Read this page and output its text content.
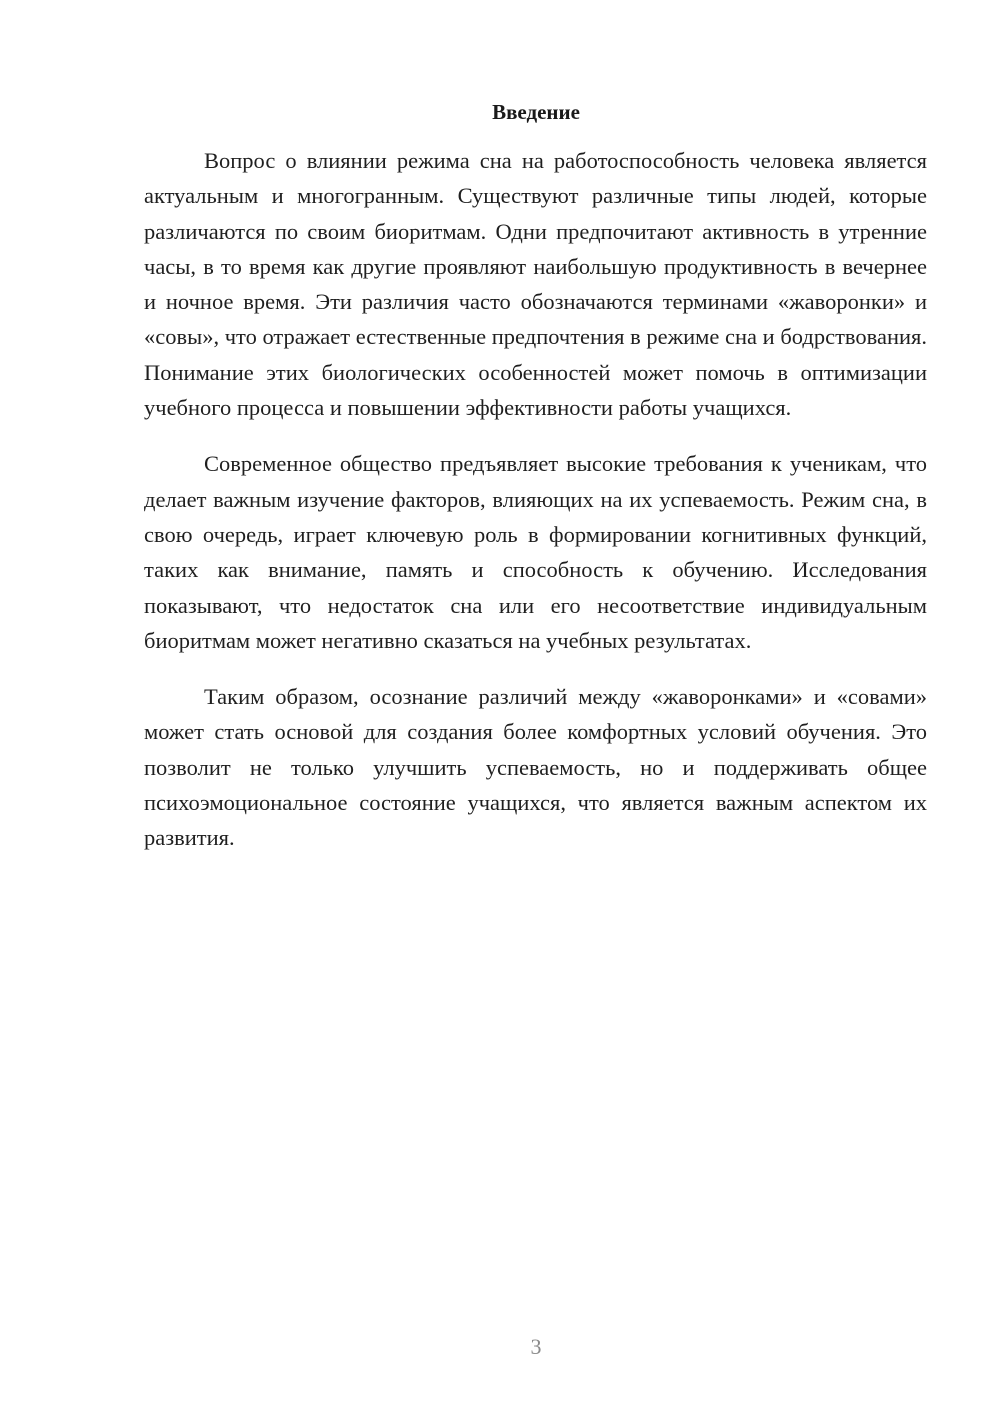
Введение

Вопрос о влиянии режима сна на работоспособность человека является актуальным и многогранным. Существуют различные типы людей, которые различаются по своим биоритмам. Одни предпочитают активность в утренние часы, в то время как другие проявляют наибольшую продуктивность в вечернее и ночное время. Эти различия часто обозначаются терминами «жаворонки» и «совы», что отражает естественные предпочтения в режиме сна и бодрствования. Понимание этих биологических особенностей может помочь в оптимизации учебного процесса и повышении эффективности работы учащихся.

Современное общество предъявляет высокие требования к ученикам, что делает важным изучение факторов, влияющих на их успеваемость. Режим сна, в свою очередь, играет ключевую роль в формировании когнитивных функций, таких как внимание, память и способность к обучению. Исследования показывают, что недостаток сна или его несоответствие индивидуальным биоритмам может негативно сказаться на учебных результатах.

Таким образом, осознание различий между «жаворонками» и «совами» может стать основой для создания более комфортных условий обучения. Это позволит не только улучшить успеваемость, но и поддерживать общее психоэмоциональное состояние учащихся, что является важным аспектом их развития.

3
